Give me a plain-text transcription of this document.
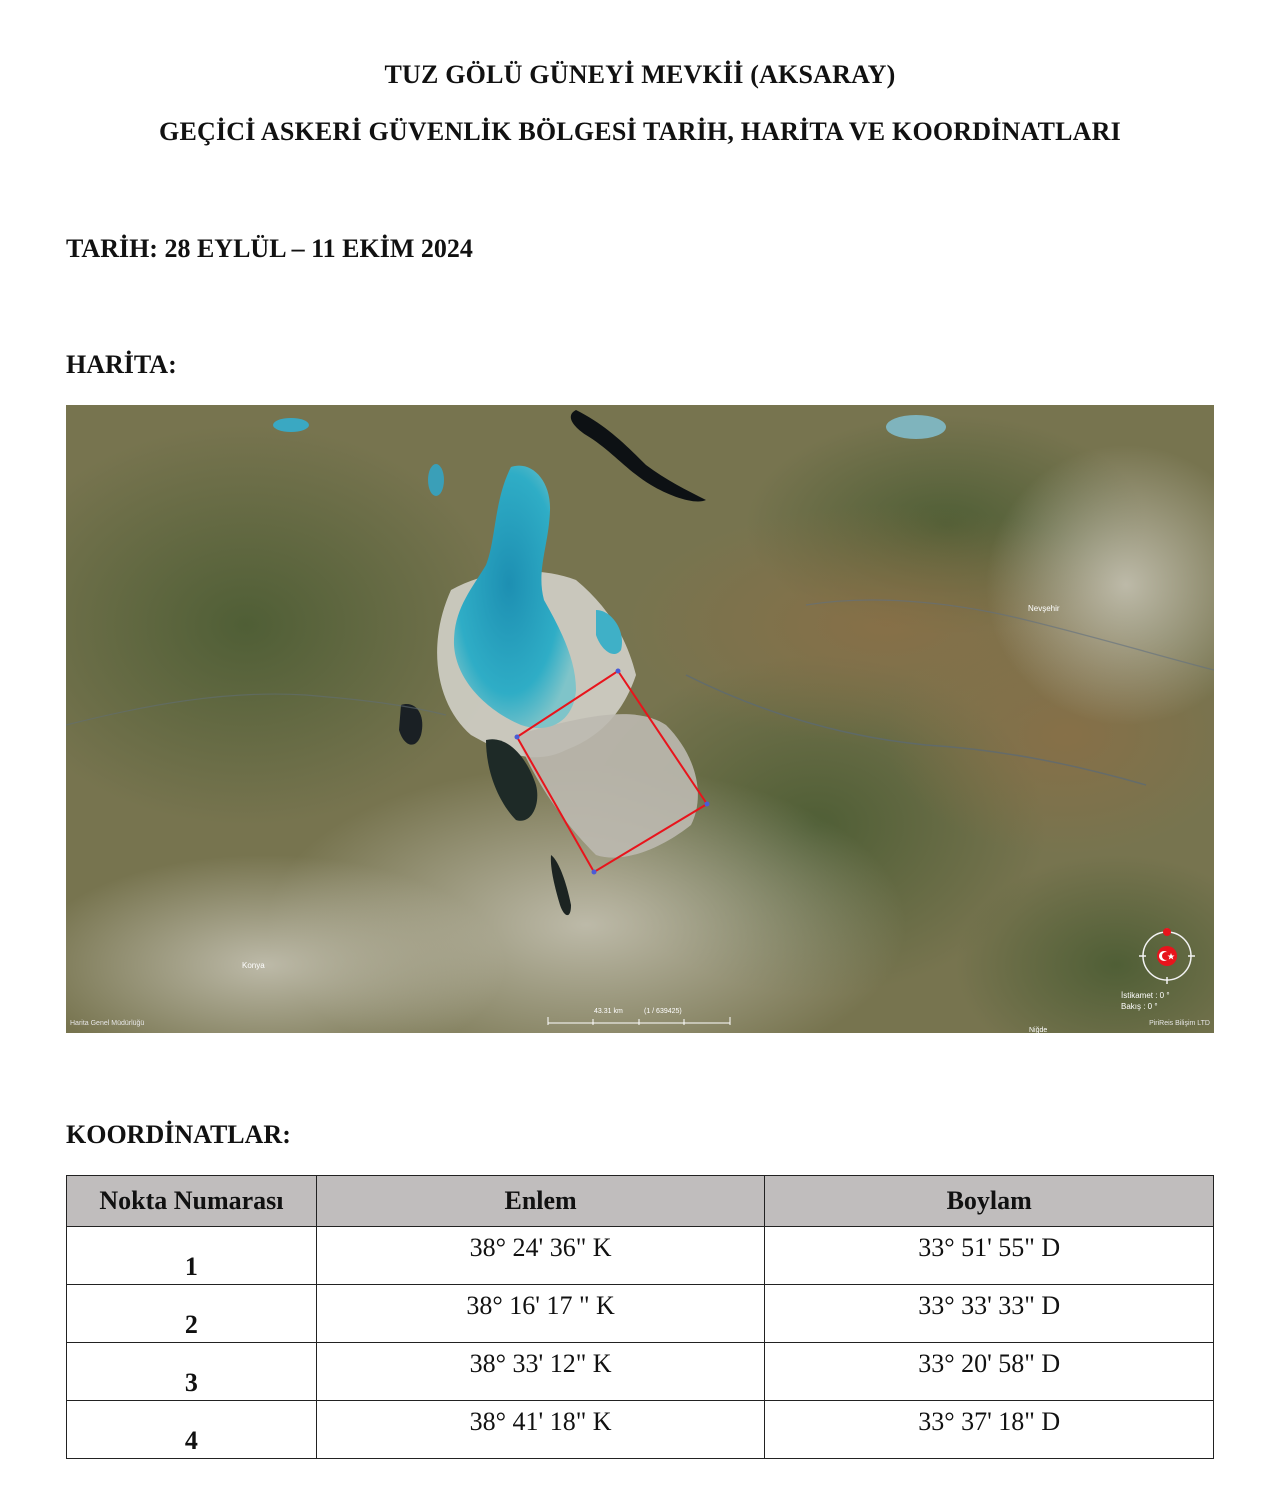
TUZ GÖLÜ GÜNEYİ MEVKİİ (AKSARAY)
GEÇİCİ ASKERİ GÜVENLİK BÖLGESİ TARİH, HARİTA VE KOORDİNATLARI
TARİH: 28 EYLÜL – 11 EKİM 2024
HARİTA:
Nevşehir
Konya
Niğde
Harita Genel Müdürlüğü	PiriReis Bilişim LTD
43.31 km	(1 / 639425)
İstikamet : 0 °
Bakış : 0 °
KOORDİNATLAR:
Nokta Numarası	Enlem	Boylam
1	38° 24' 36" K	33° 51' 55" D
2	38° 16' 17 " K	33° 33' 33" D
3	38° 33' 12" K	33° 20' 58" D
4	38° 41' 18" K	33° 37' 18" D
